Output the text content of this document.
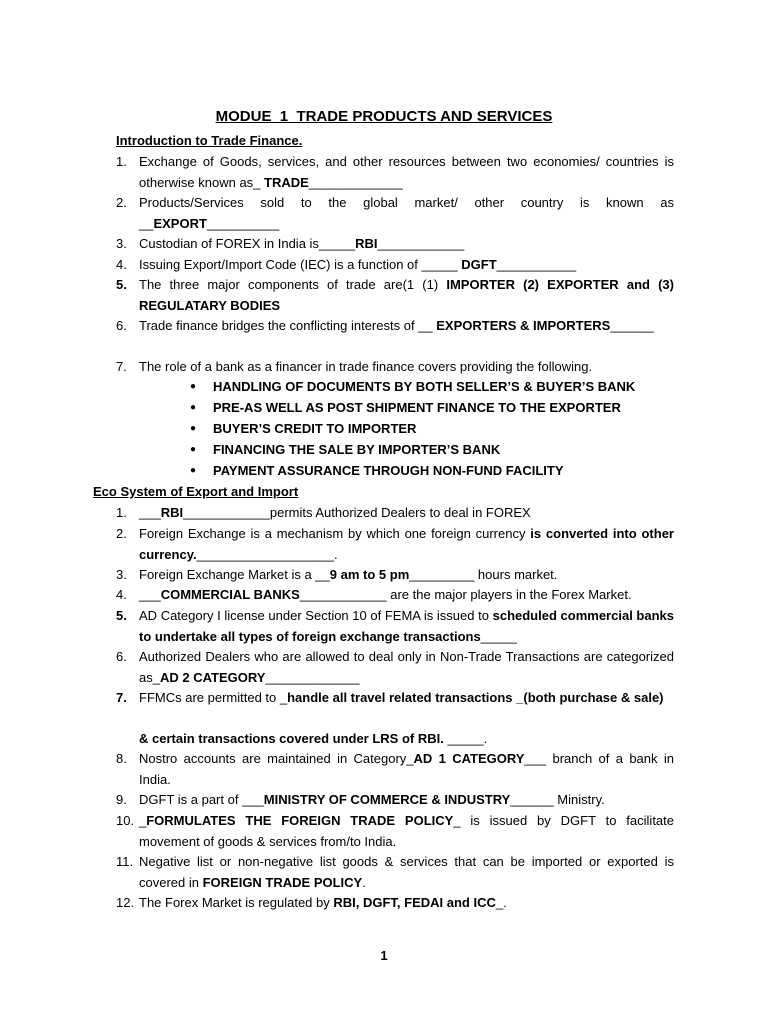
MODUE_1_TRADE PRODUCTS AND SERVICES
Introduction to Trade Finance.
1. Exchange of Goods, services, and other resources between two economies/ countries is otherwise known as_ TRADE_____________
2. Products/Services sold to the global market/ other country is known as __EXPORT__________
3. Custodian of FOREX in India is_____RBI____________
4. Issuing Export/Import Code (IEC) is a function of _____ DGFT___________
5. The three major components of trade are(1 (1) IMPORTER (2) EXPORTER and (3) REGULATARY BODIES
6. Trade finance bridges the conflicting interests of __ EXPORTERS & IMPORTERS______
7. The role of a bank as a financer in trade finance covers providing the following.
●	HANDLING OF DOCUMENTS BY BOTH SELLER’S & BUYER’S BANK
●	PRE-AS WELL AS POST SHIPMENT FINANCE TO THE EXPORTER
●	BUYER’S CREDIT TO IMPORTER
●	FINANCING THE SALE BY IMPORTER’S BANK
●	PAYMENT ASSURANCE THROUGH NON-FUND FACILITY
Eco System of Export and Import
1. ___RBI____________permits Authorized Dealers to deal in FOREX
2. Foreign Exchange is a mechanism by which one foreign currency is converted into other currency.___________________.
3. Foreign Exchange Market is a __9 am to 5 pm_________ hours market.
4. ___COMMERCIAL BANKS____________ are the major players in the Forex Market.
5. AD Category I license under Section 10 of FEMA is issued to scheduled commercial banks to undertake all types of foreign exchange transactions_____
6. Authorized Dealers who are allowed to deal only in Non-Trade Transactions are categorized as_AD 2 CATEGORY_____________
7. FFMCs are permitted to _handle all travel related transactions _(both purchase & sale)
& certain transactions covered under LRS of RBI. _____.
8. Nostro accounts are maintained in Category_AD 1 CATEGORY___ branch of a bank in India.
9. DGFT is a part of ___MINISTRY OF COMMERCE & INDUSTRY______ Ministry.
10. _FORMULATES THE FOREIGN TRADE POLICY_ is issued by DGFT to facilitate movement of goods & services from/to India.
11. Negative list or non-negative list goods & services that can be imported or exported is covered in FOREIGN TRADE POLICY.
12. The Forex Market is regulated by RBI, DGFT, FEDAI and ICC_.
1
